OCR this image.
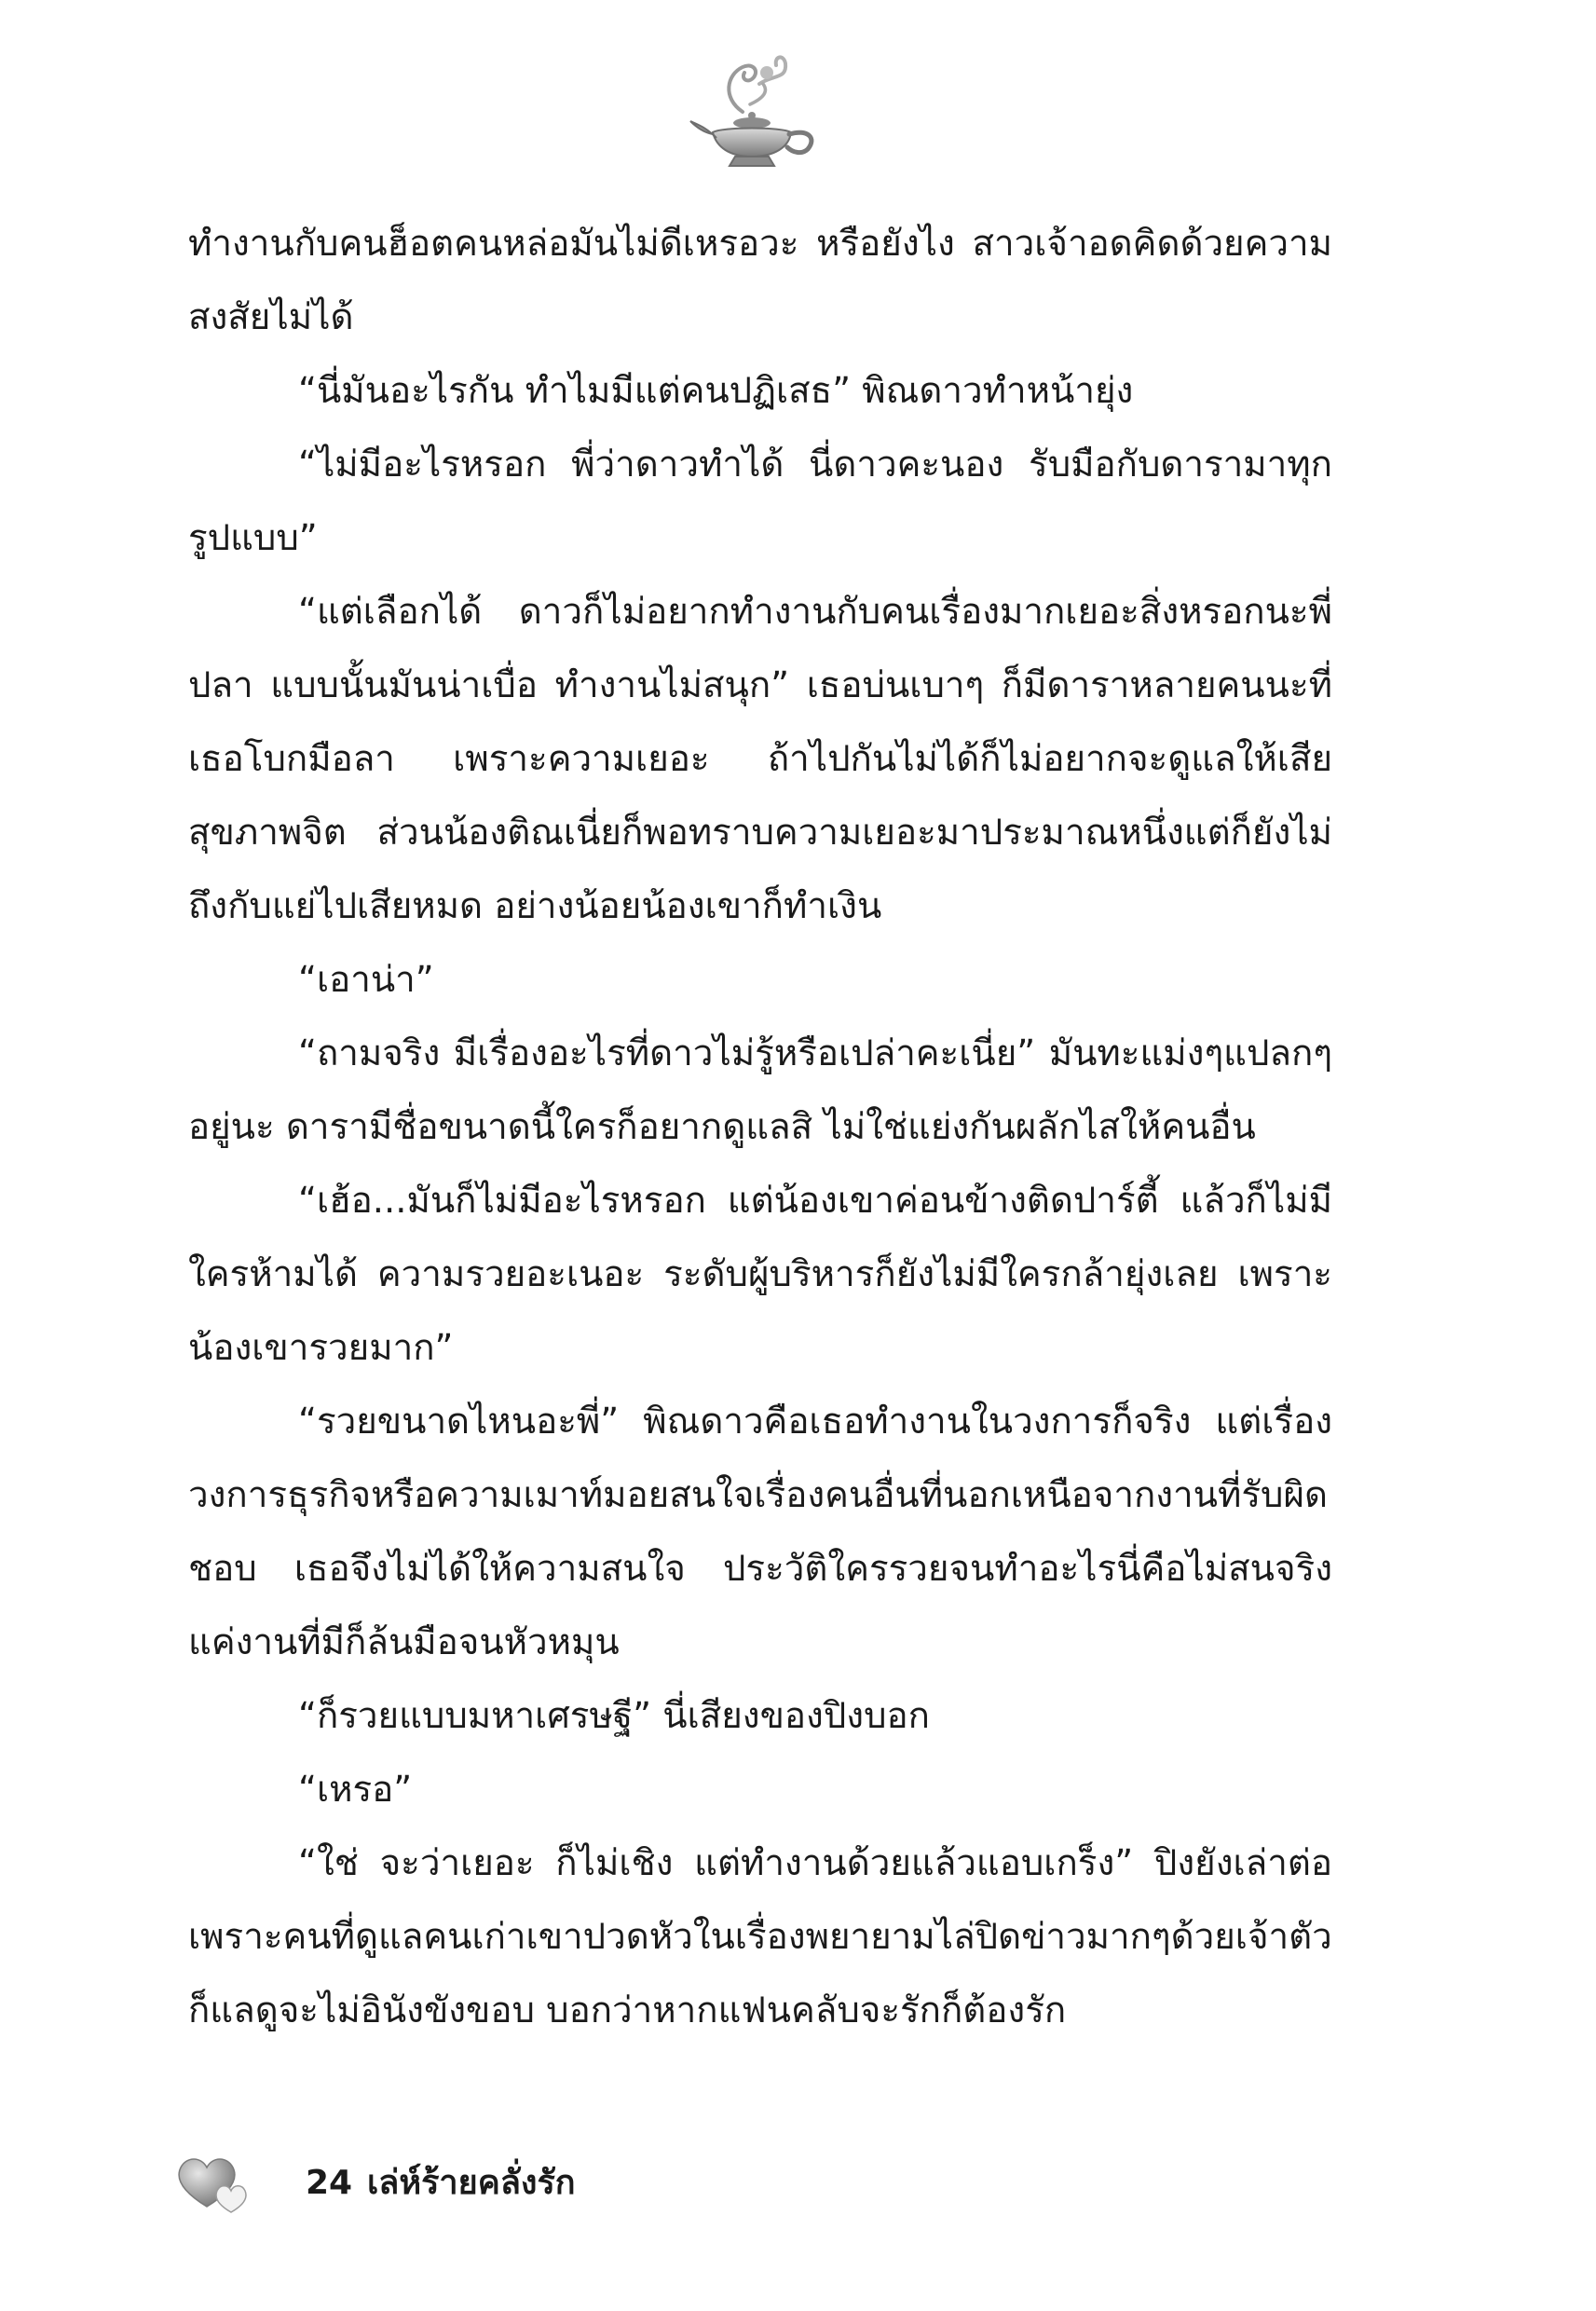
ทำงานกับคนฮ็อตคนหล่อมันไม่ดีเหรอวะ หรือยังไง สาวเจ้าอดคิดด้วยความสงสัยไม่ได้

“นี่มันอะไรกัน ทำไมมีแต่คนปฏิเสธ” พิณดาวทำหน้ายุ่ง

“ไม่มีอะไรหรอก พี่ว่าดาวทำได้ นี่ดาวคะนอง รับมือกับดารามาทุกรูปแบบ”

“แต่เลือกได้ ดาวก็ไม่อยากทำงานกับคนเรื่องมากเยอะสิ่งหรอกนะพี่ปลา แบบนั้นมันน่าเบื่อ ทำงานไม่สนุก” เธอบ่นเบาๆ ก็มีดาราหลายคนนะที่เธอโบกมือลา เพราะความเยอะ ถ้าไปกันไม่ได้ก็ไม่อยากจะดูแลให้เสียสุขภาพจิต ส่วนน้องติณเนี่ยก็พอทราบความเยอะมาประมาณหนึ่งแต่ก็ยังไม่ถึงกับแย่ไปเสียหมด อย่างน้อยน้องเขาก็ทำเงิน

“เอาน่า”

“ถามจริง มีเรื่องอะไรที่ดาวไม่รู้หรือเปล่าคะเนี่ย” มันทะแม่งๆแปลกๆ อยู่นะ ดารามีชื่อขนาดนี้ใครก็อยากดูแลสิ ไม่ใช่แย่งกันผลักไสให้คนอื่น

“เฮ้อ...มันก็ไม่มีอะไรหรอก แต่น้องเขาค่อนข้างติดปาร์ตี้ แล้วก็ไม่มีใครห้ามได้ ความรวยอะเนอะ ระดับผู้บริหารก็ยังไม่มีใครกล้ายุ่งเลย เพราะน้องเขารวยมาก”

“รวยขนาดไหนอะพี่” พิณดาวคือเธอทำงานในวงการก็จริง แต่เรื่องวงการธุรกิจหรือความเมาท์มอยสนใจเรื่องคนอื่นที่นอกเหนือจากงานที่รับผิดชอบ เธอจึงไม่ได้ให้ความสนใจ ประวัติใครรวยจนทำอะไรนี่คือไม่สนจริง แค่งานที่มีก็ล้นมือจนหัวหมุน

“ก็รวยแบบมหาเศรษฐี” นี่เสียงของปิงบอก

“เหรอ”

“ใช่ จะว่าเยอะ ก็ไม่เชิง แต่ทำงานด้วยแล้วแอบเกร็ง” ปิงยังเล่าต่อ เพราะคนที่ดูแลคนเก่าเขาปวดหัวในเรื่องพยายามไล่ปิดข่าวมากๆด้วยเจ้าตัวก็แลดูจะไม่อินังขังขอบ บอกว่าหากแฟนคลับจะรักก็ต้องรัก

24 เล่ห์ร้ายคลั่งรัก
